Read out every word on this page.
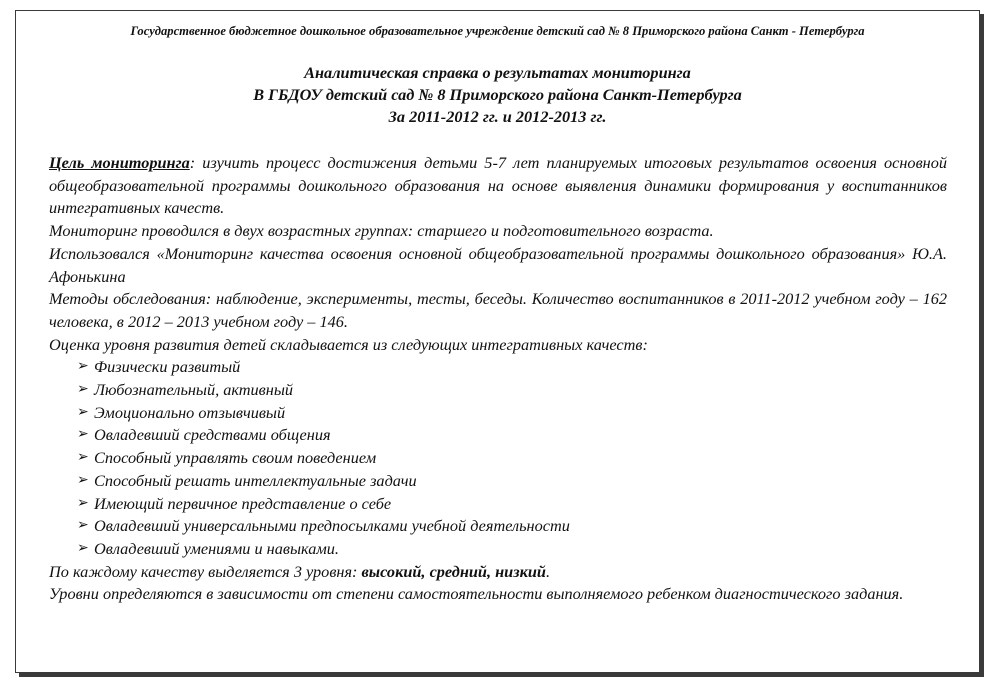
Государственное бюджетное дошкольное образовательное учреждение детский сад № 8 Приморского района Санкт - Петербурга
Аналитическая справка о результатах мониторинга
В ГБДОУ детский сад № 8 Приморского района Санкт-Петербурга
За 2011-2012 гг. и 2012-2013 гг.

Цель мониторинга: изучить процесс достижения детьми 5-7 лет планируемых итоговых результатов освоения основной общеобразовательной программы дошкольного образования на основе выявления динамики формирования у воспитанников интегративных качеств.

Мониторинг проводился в двух возрастных группах: старшего и подготовительного возраста.

Использовался «Мониторинг качества освоения основной общеобразовательной программы дошкольного образования» Ю.А. Афонькина

Методы обследования: наблюдение, эксперименты, тесты, беседы. Количество воспитанников в 2011-2012 учебном году – 162 человека, в 2012 – 2013 учебном году – 146.

Оценка уровня развития детей складывается из следующих интегративных качеств:

➢ Физически развитый
➢ Любознательный, активный
➢ Эмоционально отзывчивый
➢ Овладевший средствами общения
➢ Способный управлять своим поведением
➢ Способный решать интеллектуальные задачи
➢ Имеющий первичное представление о себе
➢ Овладевший универсальными предпосылками учебной деятельности
➢ Овладевший умениями и навыками.

По каждому качеству выделяется 3 уровня: высокий, средний, низкий.

Уровни определяются в зависимости от степени самостоятельности выполняемого ребенком диагностического задания.
